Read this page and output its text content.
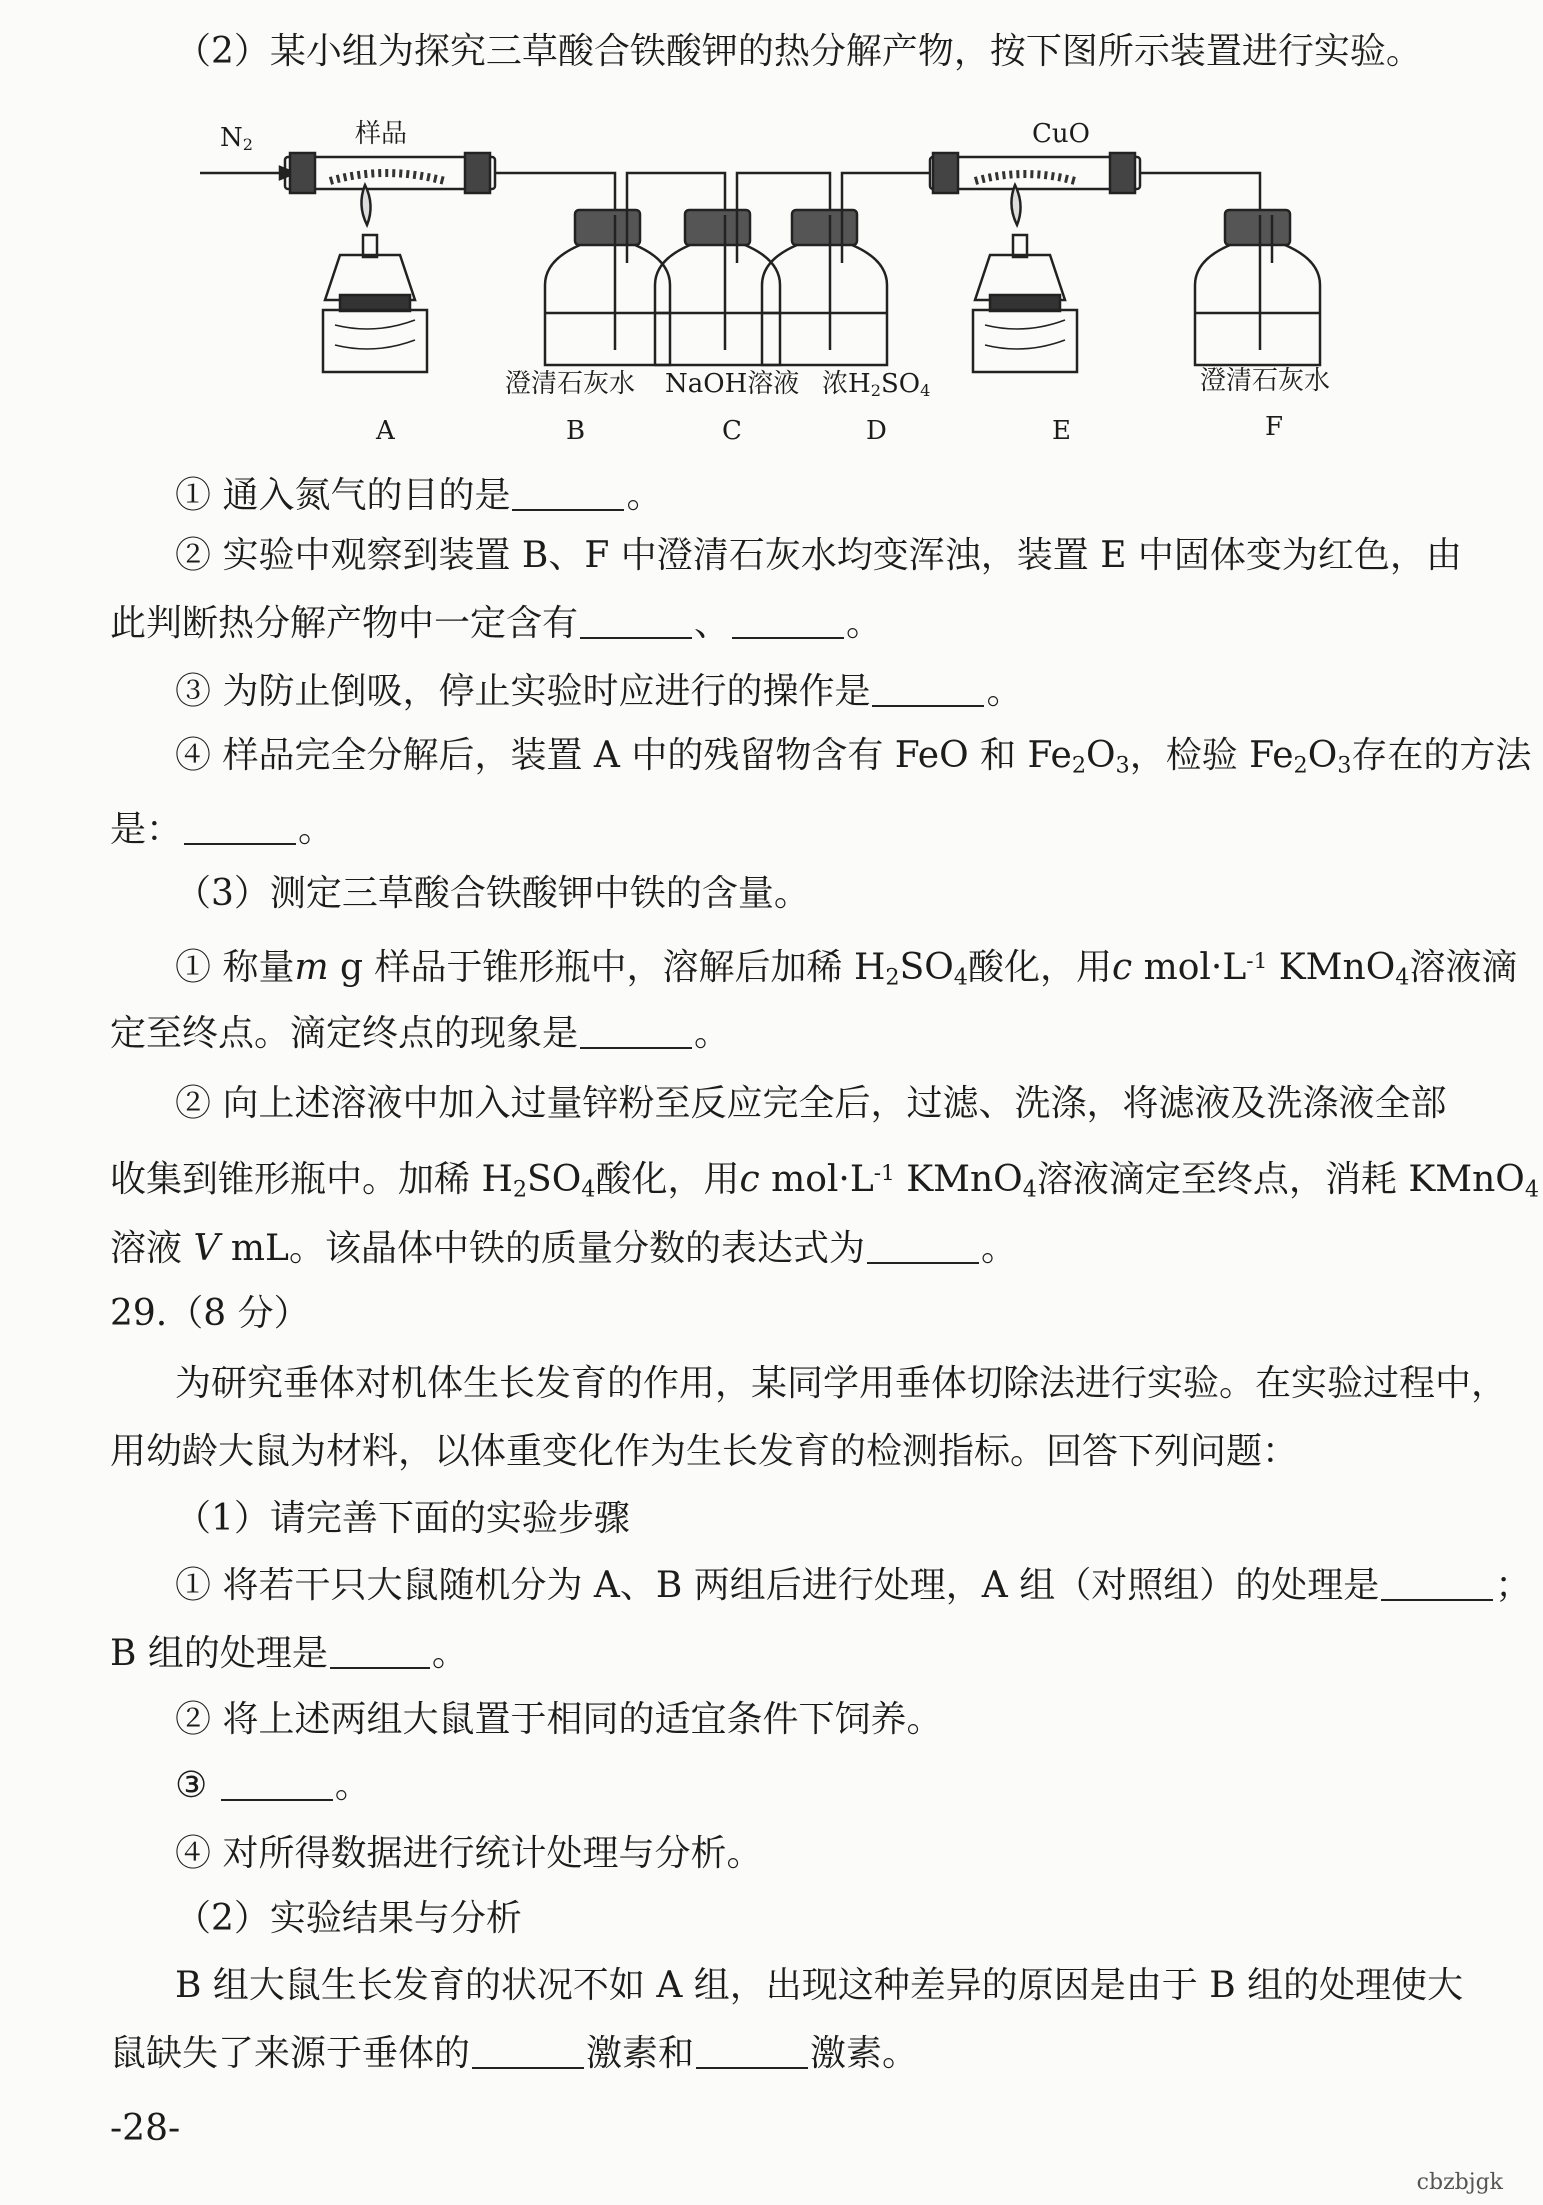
（2）某小组为探究三草酸合铁酸钾的热分解产物，按下图所示装置进行实验。
$N_2$	样品	CuO
澄清石灰水 NaOH溶液 浓$H_2SO_4$	澄清石灰水
A	B	C	D	E	F
① 通入氮气的目的是	。
② 实验中观察到装置 B、F 中澄清石灰水均变浑浊，装置 E 中固体变为红色，由
此判断热分解产物中一定含有	、	。
③ 为防止倒吸，停止实验时应进行的操作是	。
④ 样品完全分解后，装置 A 中的残留物含有 FeO 和 $Fe_2O_3$，检验 $Fe_2O_3$存在的方法
是：	。
（3）测定三草酸合铁酸钾中铁的含量。
① 称量m g 样品于锥形瓶中，溶解后加稀 $H_2SO_4$酸化，用c $mol\cdot L^{-1}$ KMnO$_4$溶液滴
定至终点。滴定终点的现象是	。
② 向上述溶液中加入过量锌粉至反应完全后，过滤、洗涤，将滤液及洗涤液全部
收集到锥形瓶中。加稀 $H_2SO_4$酸化，用c $mol\cdot L^{-1}$ KMnO$_4$溶液滴定至终点，消耗 KMnO$_4$
溶液 V mL。该晶体中铁的质量分数的表达式为	。
29.（8 分）
为研究垂体对机体生长发育的作用，某同学用垂体切除法进行实验。在实验过程中，
用幼龄大鼠为材料，以体重变化作为生长发育的检测指标。回答下列问题：
（1）请完善下面的实验步骤
① 将若干只大鼠随机分为 A、B 两组后进行处理，A 组（对照组）的处理是	；
B 组的处理是	。
② 将上述两组大鼠置于相同的适宜条件下饲养。
③	。
④ 对所得数据进行统计处理与分析。
（2）实验结果与分析
B 组大鼠生长发育的状况不如 A 组，出现这种差异的原因是由于 B 组的处理使大
鼠缺失了来源于垂体的	激素和	激素。
-28-
cbzbjgk
